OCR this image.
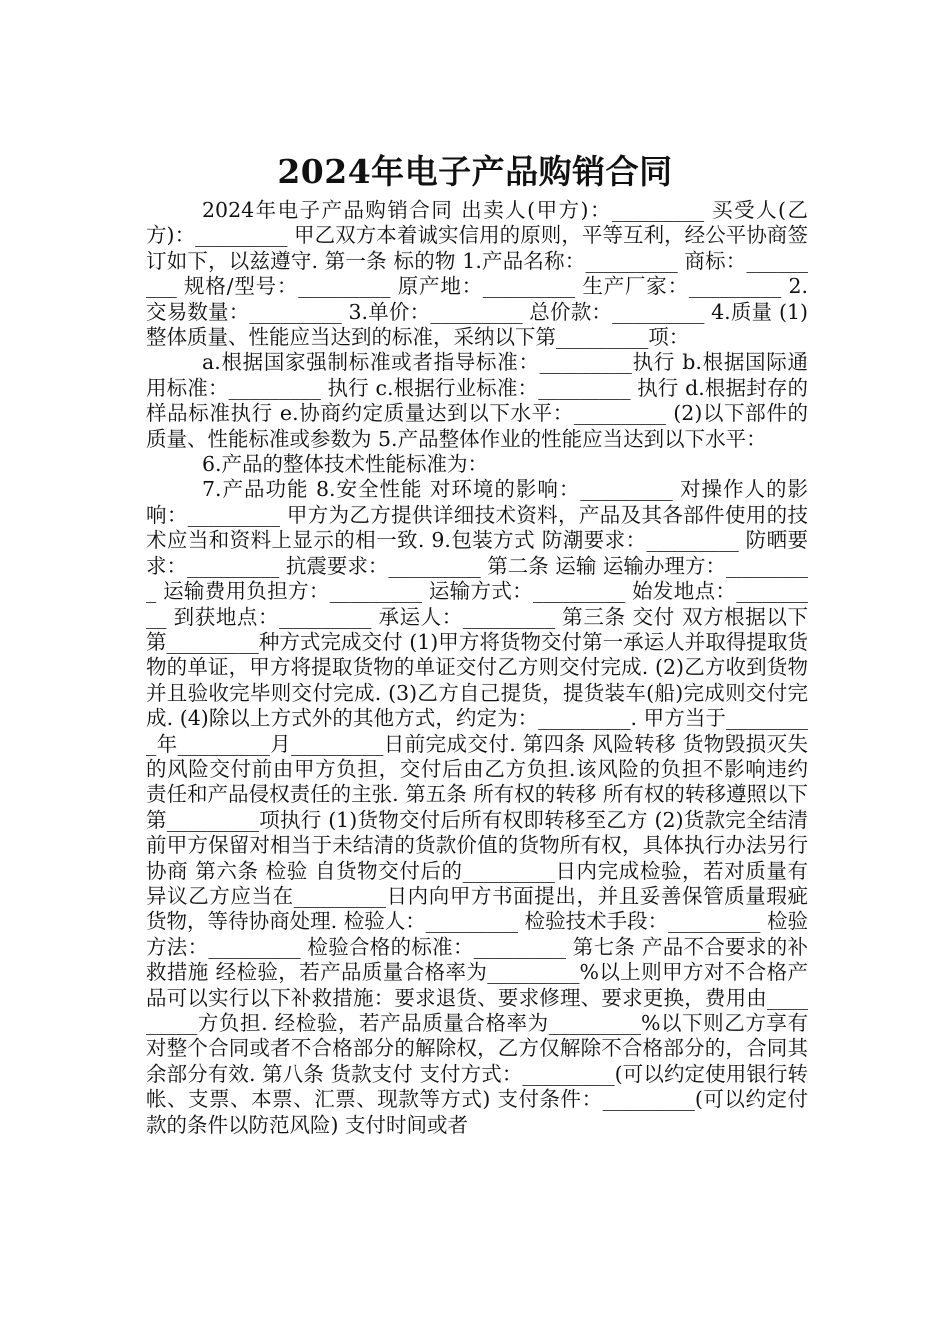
2024年电子产品购销合同

2024年电子产品购销合同 出卖人(甲方)：_________ 买受人(乙方)：_________ 甲乙双方本着诚实信用的原则，平等互利，经公平协商签订如下，以兹遵守. 第一条 标的物 1.产品名称：_________ 商标：_________ 规格/型号：_________ 原产地：_________ 生产厂家：_________ 2.交易数量：_________ 3.单价：_________ 总价款：_________ 4.质量 (1)整体质量、性能应当达到的标准，采纳以下第_________项：

a.根据国家强制标准或者指导标准：_________执行 b.根据国际通用标准：_________ 执行 c.根据行业标准：_________ 执行 d.根据封存的样品标准执行 e.协商约定质量达到以下水平：_________ (2)以下部件的质量、性能标准或参数为 5.产品整体作业的性能应当达到以下水平：

6.产品的整体技术性能标准为：

7.产品功能 8.安全性能 对环境的影响：_________ 对操作人的影响：_________ 甲方为乙方提供详细技术资料，产品及其各部件使用的技术应当和资料上显示的相一致. 9.包装方式 防潮要求：_________ 防晒要求：_________ 抗震要求：_________ 第二条 运输 运输办理方：_________ 运输费用负担方：_________ 运输方式：_________ 始发地点：_________ 到获地点：_________ 承运人：_________ 第三条 交付 双方根据以下第_________种方式完成交付 (1)甲方将货物交付第一承运人并取得提取货物的单证，甲方将提取货物的单证交付乙方则交付完成. (2)乙方收到货物并且验收完毕则交付完成. (3)乙方自己提货，提货装车(船)完成则交付完成. (4)除以上方式外的其他方式，约定为：_________. 甲方当于_________年_________月_________日前完成交付. 第四条 风险转移 货物毁损灭失的风险交付前由甲方负担，交付后由乙方负担.该风险的负担不影响违约责任和产品侵权责任的主张. 第五条 所有权的转移 所有权的转移遵照以下第_________项执行 (1)货物交付后所有权即转移至乙方 (2)货款完全结清前甲方保留对相当于未结清的货款价值的货物所有权，具体执行办法另行协商 第六条 检验 自货物交付后的_________日内完成检验，若对质量有异议乙方应当在_________日内向甲方书面提出，并且妥善保管质量瑕疵货物，等待协商处理. 检验人：_________ 检验技术手段：_________ 检验方法：_________ 检验合格的标准：_________ 第七条 产品不合要求的补救措施 经检验，若产品质量合格率为_________%以上则甲方对不合格产品可以实行以下补救措施：要求退货、要求修理、要求更换，费用由_________方负担. 经检验，若产品质量合格率为_________%以下则乙方享有对整个合同或者不合格部分的解除权，乙方仅解除不合格部分的，合同其余部分有效. 第八条 货款支付 支付方式：_________(可以约定使用银行转帐、支票、本票、汇票、现款等方式) 支付条件：_________(可以约定付款的条件以防范风险) 支付时间或者
